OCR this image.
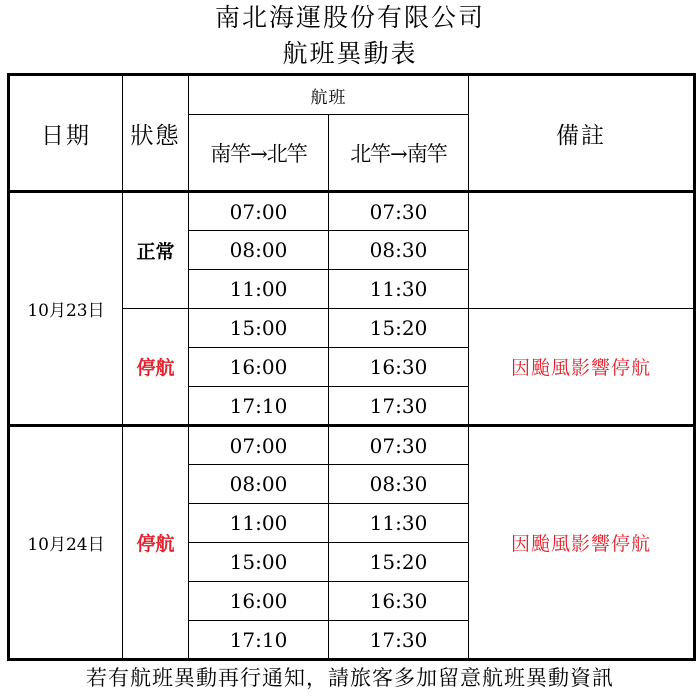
南北海運股份有限公司
航班異動表
日期	狀態	航班		備註
		南竿→北竿	北竿→南竿	
10月23日	正常	07:00	07:30	
		08:00	08:30	
		11:00	11:30	
	停航	15:00	15:20	因颱風影響停航
		16:00	16:30	
		17:10	17:30	
10月24日	停航	07:00	07:30	因颱風影響停航
		08:00	08:30	
		11:00	11:30	
		15:00	15:20	
		16:00	16:30	
		17:10	17:30	
若有航班異動再行通知，請旅客多加留意航班異動資訊
